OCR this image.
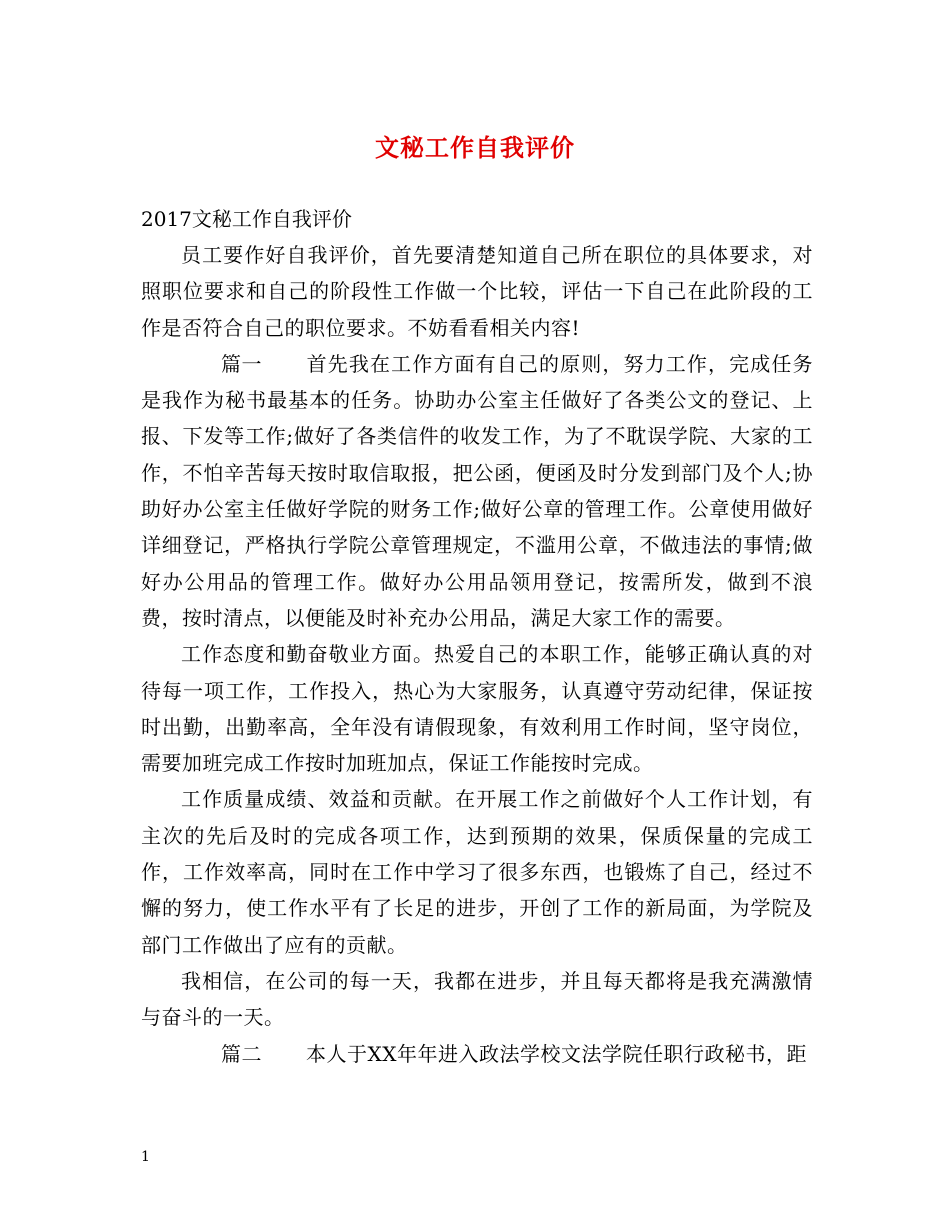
文秘工作自我评价
2017文秘工作自我评价

员工要作好自我评价，首先要清楚知道自己所在职位的具体要求，对照职位要求和自己的阶段性工作做一个比较，评估一下自己在此阶段的工作是否符合自己的职位要求。不妨看看相关内容!

篇一 首先我在工作方面有自己的原则，努力工作，完成任务是我作为秘书最基本的任务。协助办公室主任做好了各类公文的登记、上报、下发等工作;做好了各类信件的收发工作，为了不耽误学院、大家的工作，不怕辛苦每天按时取信取报，把公函，便函及时分发到部门及个人;协助好办公室主任做好学院的财务工作;做好公章的管理工作。公章使用做好详细登记，严格执行学院公章管理规定，不滥用公章，不做违法的事情;做好办公用品的管理工作。做好办公用品领用登记，按需所发，做到不浪费，按时清点，以便能及时补充办公用品，满足大家工作的需要。

工作态度和勤奋敬业方面。热爱自己的本职工作，能够正确认真的对待每一项工作，工作投入，热心为大家服务，认真遵守劳动纪律，保证按时出勤，出勤率高，全年没有请假现象，有效利用工作时间，坚守岗位，需要加班完成工作按时加班加点，保证工作能按时完成。

工作质量成绩、效益和贡献。在开展工作之前做好个人工作计划，有主次的先后及时的完成各项工作，达到预期的效果，保质保量的完成工作，工作效率高，同时在工作中学习了很多东西，也锻炼了自己，经过不懈的努力，使工作水平有了长足的进步，开创了工作的新局面，为学院及部门工作做出了应有的贡献。

我相信，在公司的每一天，我都在进步，并且每天都将是我充满激情与奋斗的一天。

篇二 本人于XX年年进入政法学校文法学院任职行政秘书，距

1
